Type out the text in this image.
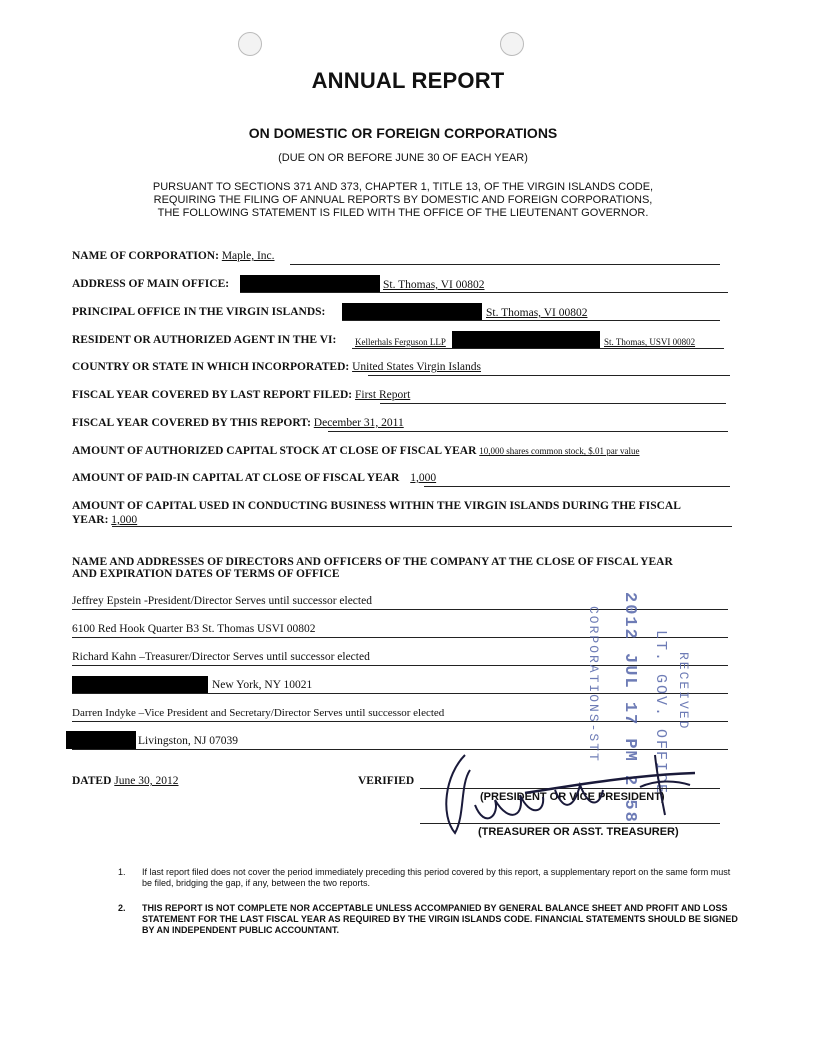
ANNUAL REPORT
ON DOMESTIC OR FOREIGN CORPORATIONS
(DUE ON OR BEFORE JUNE 30 OF EACH YEAR)
PURSUANT TO SECTIONS 371 AND 373, CHAPTER 1, TITLE 13, OF THE VIRGIN ISLANDS CODE,
REQUIRING THE FILING OF ANNUAL REPORTS BY DOMESTIC AND FOREIGN CORPORATIONS,
THE FOLLOWING STATEMENT IS FILED WITH THE OFFICE OF THE LIEUTENANT GOVERNOR.
NAME OF CORPORATION: Maple, Inc.
ADDRESS OF MAIN OFFICE:	St. Thomas, VI 00802
PRINCIPAL OFFICE IN THE VIRGIN ISLANDS:	St. Thomas, VI 00802
RESIDENT OR AUTHORIZED AGENT IN THE VI: Kellerhals Ferguson LLP	St. Thomas, USVI 00802
COUNTRY OR STATE IN WHICH INCORPORATED: United States Virgin Islands
FISCAL YEAR COVERED BY LAST REPORT FILED: First Report
FISCAL YEAR COVERED BY THIS REPORT: December 31, 2011
AMOUNT OF AUTHORIZED CAPITAL STOCK AT CLOSE OF FISCAL YEAR 10,000 shares common stock, $.01 par value
AMOUNT OF PAID-IN CAPITAL AT CLOSE OF FISCAL YEAR 1,000
AMOUNT OF CAPITAL USED IN CONDUCTING BUSINESS WITHIN THE VIRGIN ISLANDS DURING THE FISCAL
YEAR: 1,000
NAME AND ADDRESSES OF DIRECTORS AND OFFICERS OF THE COMPANY AT THE CLOSE OF FISCAL YEAR
AND EXPIRATION DATES OF TERMS OF OFFICE
Jeffrey Epstein -President/Director Serves until successor elected
6100 Red Hook Quarter B3 St. Thomas USVI 00802
Richard Kahn –Treasurer/Director Serves until successor elected
New York, NY 10021
Darren Indyke –Vice President and Secretary/Director Serves until successor elected
Livingston, NJ 07039	2012 JUL 17 PM 2 58
CORPORATIONS-STT	RECEIVED
LT. GOV. OFFICE
DATED June 30, 2012	VERIFIED
(PRESIDENT OR VICE PRESIDENT)
(TREASURER OR ASST. TREASURER)
1. If last report filed does not cover the period immediately preceding this period covered by this report, a supplementary report on the same form must be filed, bridging the gap, if any, between the two reports.
2. THIS REPORT IS NOT COMPLETE NOR ACCEPTABLE UNLESS ACCOMPANIED BY GENERAL BALANCE SHEET AND PROFIT AND LOSS STATEMENT FOR THE LAST FISCAL YEAR AS REQUIRED BY THE VIRGIN ISLANDS CODE. FINANCIAL STATEMENTS SHOULD BE SIGNED BY AN INDEPENDENT PUBLIC ACCOUNTANT.
